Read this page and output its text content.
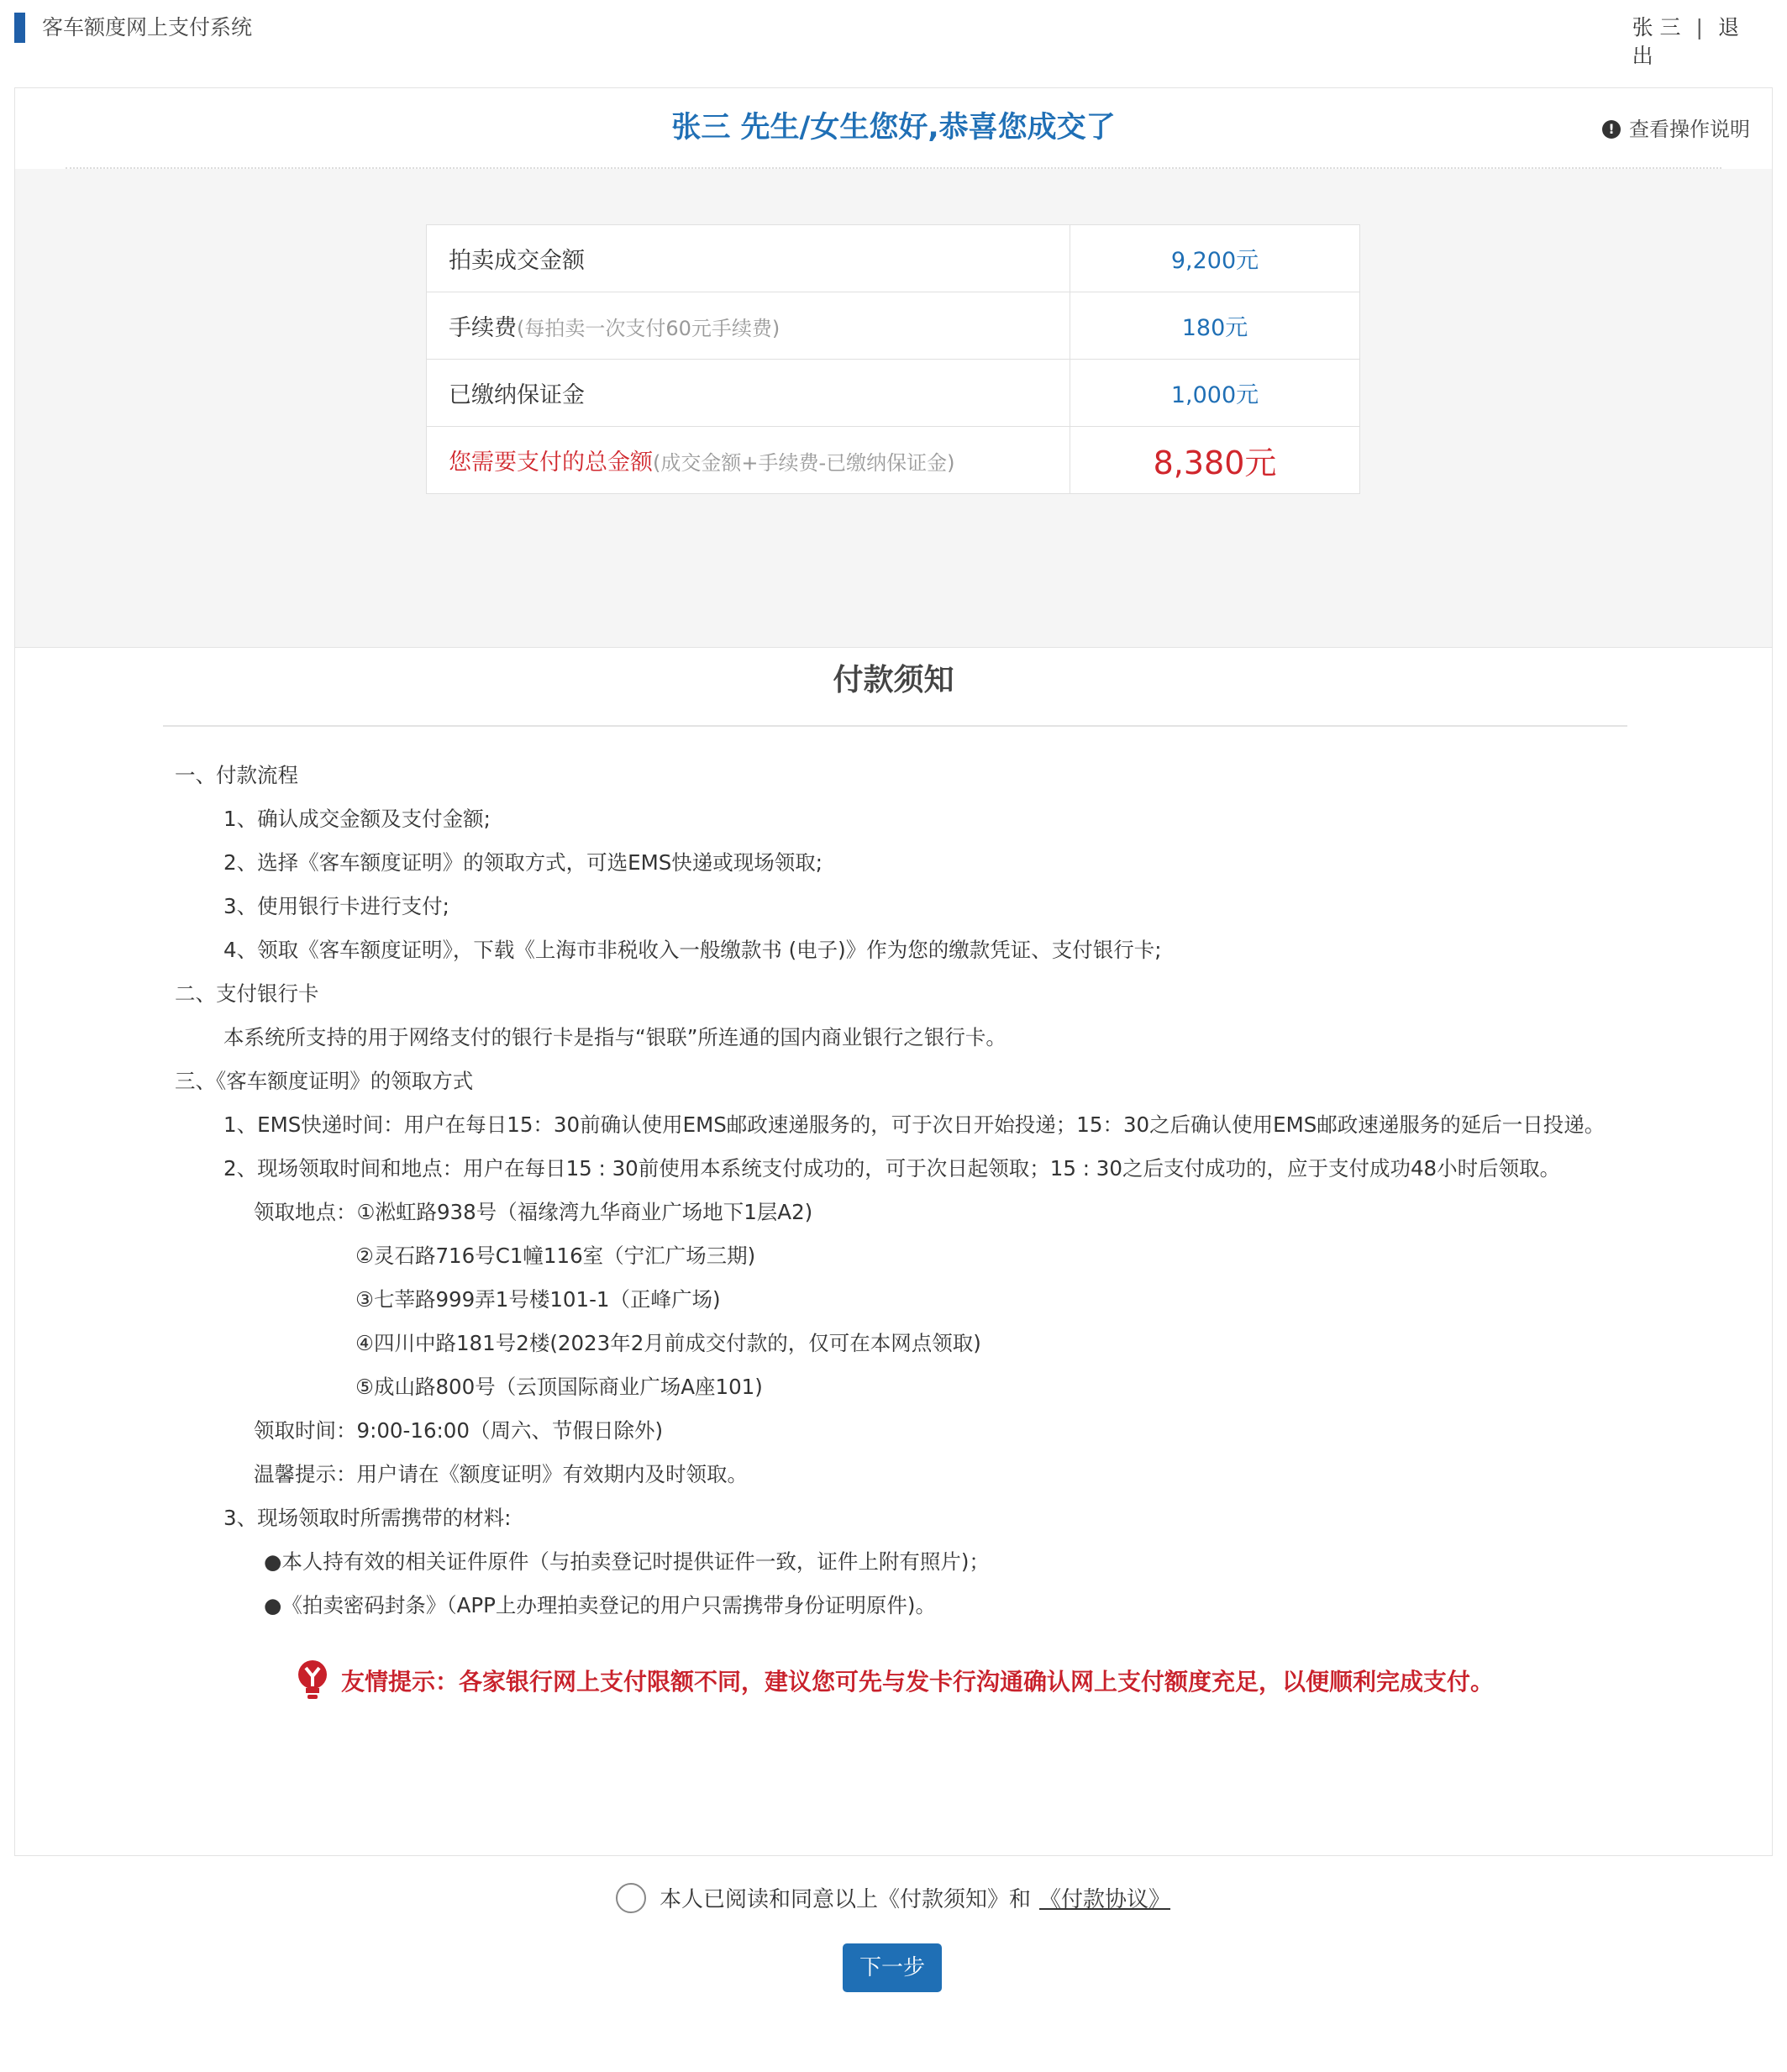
客车额度网上支付系统	张 三 | 退出
张三 先生/女生您好,恭喜您成交了	! 查看操作说明
拍卖成交金额	9,200元
手续费(每拍卖一次支付60元手续费)	180元
已缴纳保证金	1,000元
您需要支付的总金额(成交金额+手续费-已缴纳保证金)	8,380元
付款须知
一、付款流程
1、确认成交金额及支付金额;
2、选择《客车额度证明》的领取方式，可选EMS快递或现场领取;
3、使用银行卡进行支付;
4、领取《客车额度证明》，下载《上海市非税收入一般缴款书 (电子)》作为您的缴款凭证、支付银行卡;
二、支付银行卡
本系统所支持的用于网络支付的银行卡是指与“银联”所连通的国内商业银行之银行卡。
三、《客车额度证明》的领取方式
1、EMS快递时间：用户在每日15：30前确认使用EMS邮政速递服务的，可于次日开始投递；15：30之后确认使用EMS邮政速递服务的延后一日投递。
2、现场领取时间和地点：用户在每日15 : 30前使用本系统支付成功的，可于次日起领取；15 : 30之后支付成功的，应于支付成功48小时后领取。
领取地点：①淞虹路938号（福缘湾九华商业广场地下1层A2)
②灵石路716号C1幢116室（宁汇广场三期)
③七莘路999弄1号楼101-1（正峰广场)
④四川中路181号2楼(2023年2月前成交付款的，仅可在本网点领取)
⑤成山路800号（云顶国际商业广场A座101)
领取时间：9:00-16:00（周六、节假日除外)
温馨提示：用户请在《额度证明》有效期内及时领取。
3、现场领取时所需携带的材料:
●本人持有效的相关证件原件（与拍卖登记时提供证件一致，证件上附有照片)；
●《拍卖密码封条》（APP上办理拍卖登记的用户只需携带身份证明原件)。
友情提示：各家银行网上支付限额不同，建议您可先与发卡行沟通确认网上支付额度充足，以便顺利完成支付。
本人已阅读和同意以上《付款须知》和 《付款协议》
下一步
